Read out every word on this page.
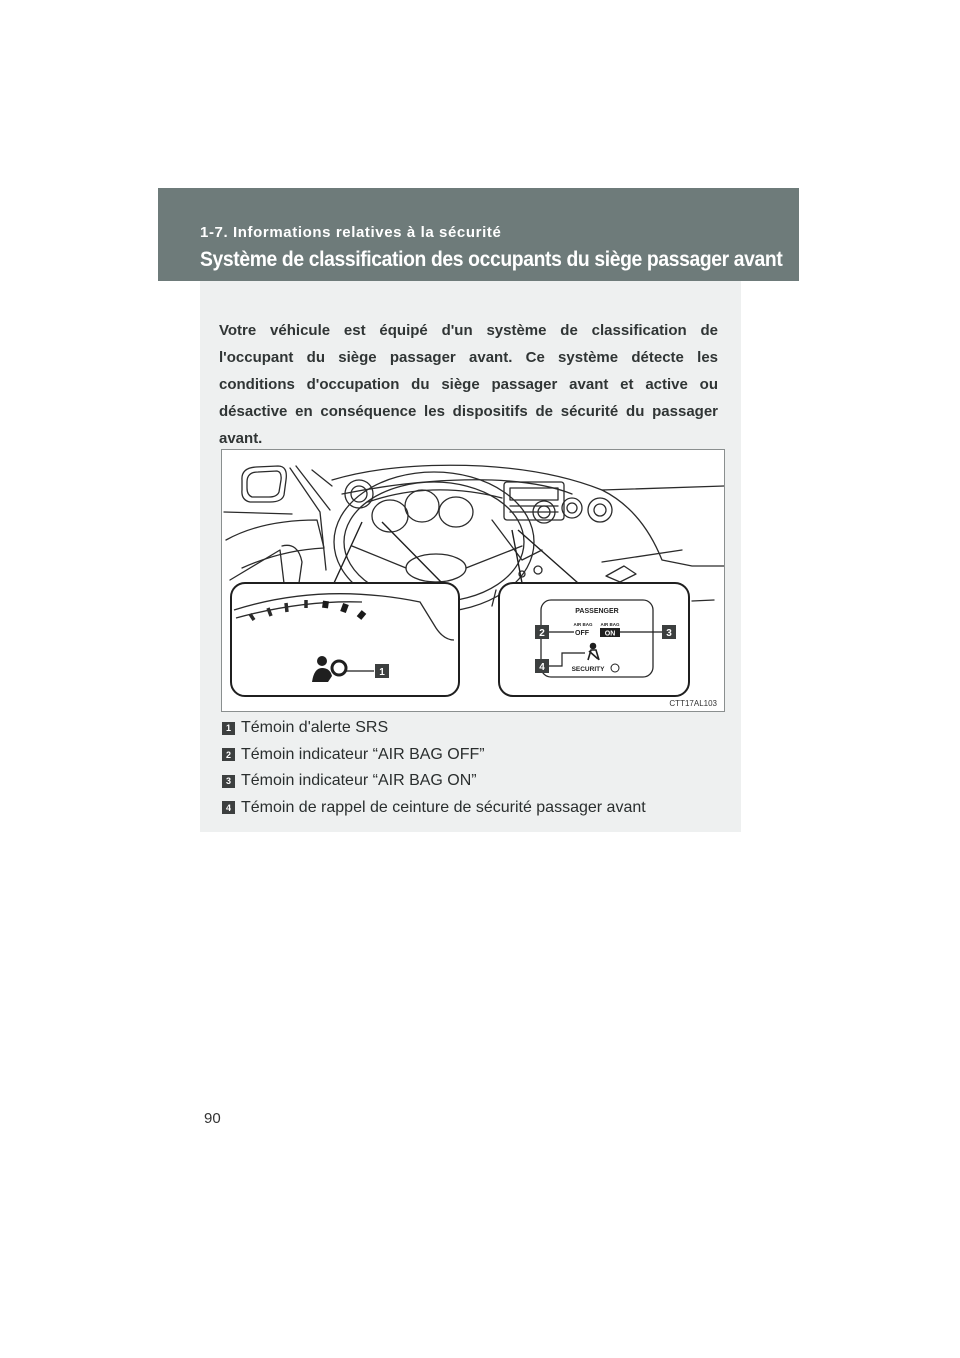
1-7. Informations relatives à la sécurité
Système de classification des occupants du siège passager avant

Votre véhicule est équipé d'un système de classification de l'occupant du siège passager avant. Ce système détecte les conditions d'occupation du siège passager avant et active ou désactive en conséquence les dispositifs de sécurité du passager avant.

1
PASSENGER
AIR BAG
OFF
AIR BAG
ON
SECURITY
2	3
4
CTT17AL103
1 Témoin d'alerte SRS
2 Témoin indicateur “AIR BAG OFF”
3 Témoin indicateur “AIR BAG ON”
4 Témoin de rappel de ceinture de sécurité passager avant
90
